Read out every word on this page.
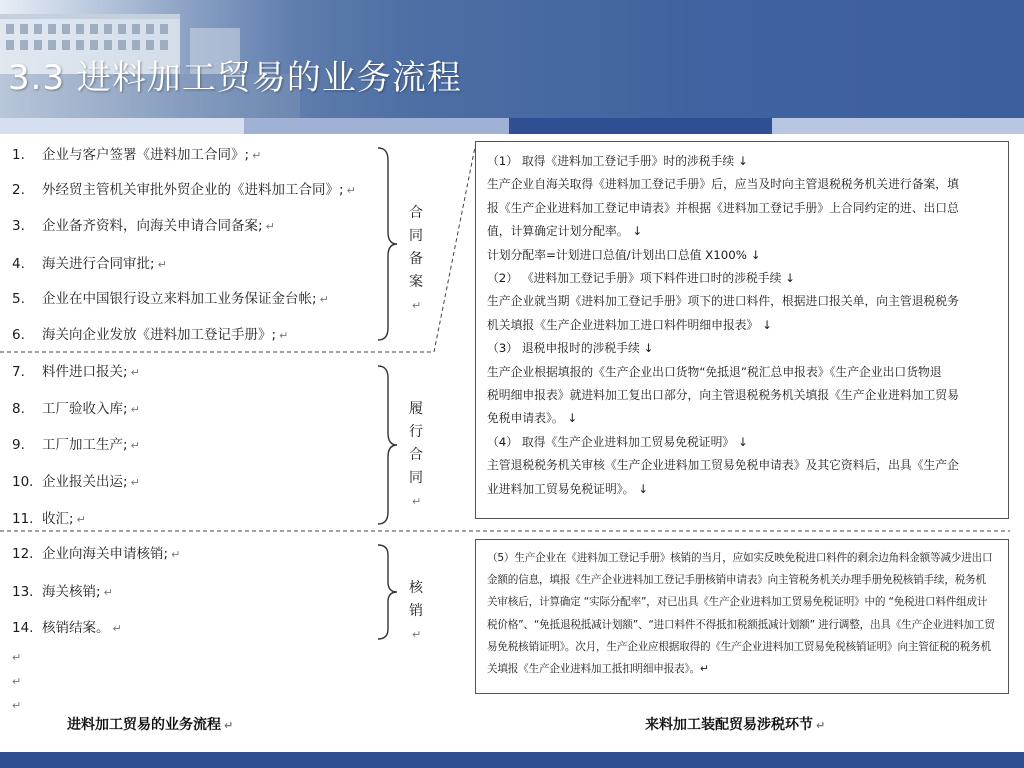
3.3 进料加工贸易的业务流程
1. 企业与客户签署《进料加工合同》; ↵
2. 外经贸主管机关审批外贸企业的《进料加工合同》; ↵
3. 企业备齐资料，向海关申请合同备案; ↵
4. 海关进行合同审批; ↵
5. 企业在中国银行设立来料加工业务保证金台帐; ↵
6. 海关向企业发放《进料加工登记手册》; ↵
7. 料件进口报关; ↵
8. 工厂验收入库; ↵
9. 工厂加工生产; ↵
10. 企业报关出运; ↵
11. 收汇; ↵
12. 企业向海关申请核销; ↵
13. 海关核销; ↵
14. 核销结案。 ↵
↵
↵
↵
合同备案↵
履行合同↵
核销↵
（1） 取得《进料加工登记手册》时的涉税手续 ↓
生产企业自海关取得《进料加工登记手册》后，应当及时向主管退税税务机关进行备案，填
报《生产企业进料加工登记申请表》并根据《进料加工登记手册》上合同约定的进、出口总
值，计算确定计划分配率。 ↓
计划分配率=计划进口总值/计划出口总值 X100% ↓
（2） 《进料加工登记手册》项下料件进口时的涉税手续 ↓
生产企业就当期《进料加工登记手册》项下的进口料件，根据进口报关单，向主管退税税务
机关填报《生产企业进料加工进口料件明细申报表》 ↓
（3） 退税申报时的涉税手续 ↓
生产企业根据填报的《生产企业出口货物“免抵退”税汇总申报表》《生产企业出口货物退
税明细申报表》就进料加工复出口部分，向主管退税税务机关填报《生产企业进料加工贸易
免税申请表》。 ↓
（4） 取得《生产企业进料加工贸易免税证明》 ↓
主管退税税务机关审核《生产企业进料加工贸易免税申请表》及其它资料后，出具《生产企
业进料加工贸易免税证明》。 ↓
（5）生产企业在《进料加工登记手册》核销的当月，应如实反映免税进口料件的剩余边角料金额等减少进出口
金额的信息，填报《生产企业进料加工登记手册核销申请表》向主管税务机关办理手册免税核销手续，税务机
关审核后，计算确定 “实际分配率”，对已出具《生产企业进料加工贸易免税证明》中的 “免税进口料件组成计
税价格”、“免抵退税抵减计划额”、“进口料件不得抵扣税额抵减计划额” 进行调整，出具《生产企业进料加工贸
易免税核销证明》。次月，生产企业应根据取得的《生产企业进料加工贸易免税核销证明》向主管征税的税务机
关填报《生产企业进料加工抵扣明细申报表》。↵
进料加工贸易的业务流程 ↵	来料加工装配贸易涉税环节 ↵
